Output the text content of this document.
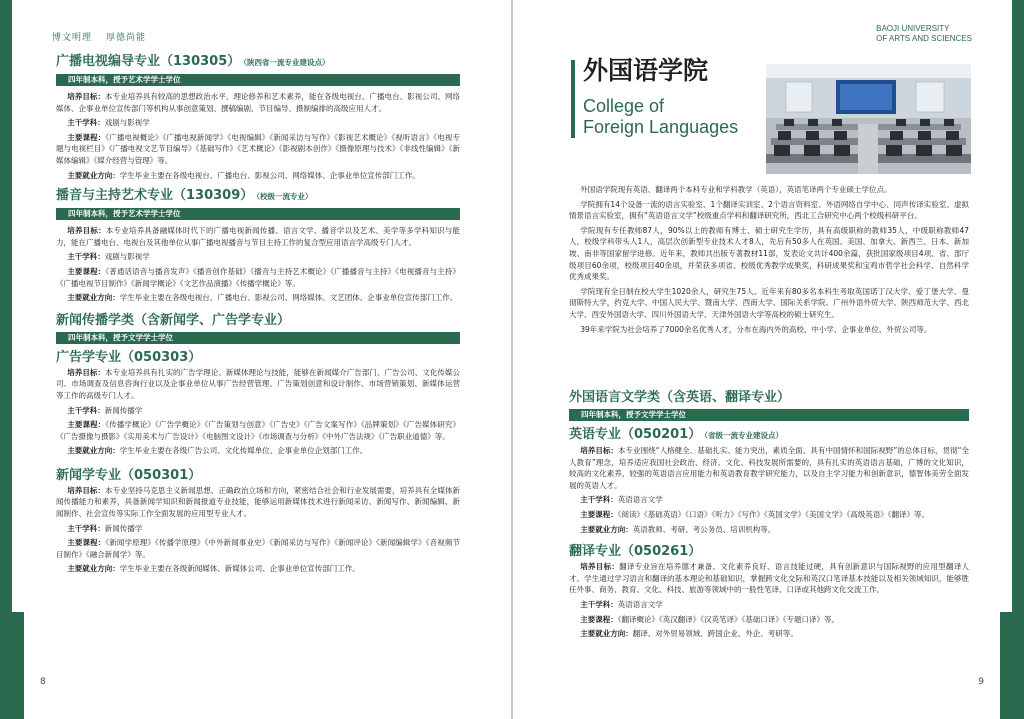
博文明理 厚德尚能
广播电视编导专业（130305） （陕西省一流专业建设点）
四年制本科，授予艺术学学士学位

培养目标：本专业培养具有较高的思想政治水平、理论修养和艺术素养，能在各级电视台、广播电台、影视公司、网络媒体、企事业单位宣传部门等机构从事创意策划、撰稿编剧、节目编导、摄制编排的高级应用人才。

主干学科：戏剧与影视学

主要课程：《广播电视概论》《广播电视新闻学》《电视编辑》《新闻采访与写作》《影视艺术概论》《视听语言》《电视专题与电视栏目》《广播电视文艺节目编导》《基础写作》《艺术概论》《影视剧本创作》《摄像原理与技术》《非线性编辑》《新媒体编辑》《媒介经营与管理》等。

主要就业方向：学生毕业主要在各级电视台、广播电台、影视公司、网络媒体、企事业单位宣传部门工作。

播音与主持艺术专业（130309） （校级一流专业）
四年制本科，授予艺术学学士学位

培养目标：本专业培养具备融媒体时代下的广播电视新闻传播、语言文学、播音学以及艺术、美学等多学科知识与能力，能在广播电台、电视台及其他单位从事广播电视播音与节目主持工作的复合型应用语言学高级专门人才。

主干学科：戏剧与影视学

主要课程：《普通话语音与播音发声》《播音创作基础》《播音与主持艺术概论》《广播播音与主持》《电视播音与主持》《广播电视节目制作》《新闻学概论》《文艺作品演播》《传播学概论》等。

主要就业方向：学生毕业主要在各级电视台、广播电台、影视公司、网络媒体、文艺团体、企事业单位宣传部门工作。

新闻传播学类（含新闻学、广告学专业）
四年制本科，授予文学学士学位
广告学专业（050303）

培养目标：本专业培养具有扎实的广告学理论、新媒体理论与技能，能够在新闻媒介广告部门、广告公司、文化传媒公司、市场调查及信息咨询行业以及企事业单位从事广告经营管理、广告策划创意和设计制作、市场营销策划、新媒体运营等工作的高级专门人才。

主干学科：新闻传播学

主要课程：《传播学概论》《广告学概论》《广告策划与创意》《广告史》《广告文案写作》《品牌策划》《广告媒体研究》《广告摄像与摄影》《实用美术与广告设计》《电脑图文设计》《市场调查与分析》《中外广告法规》《广告职业道德》等。

主要就业方向：学生毕业主要在各级广告公司、文化传媒单位、企事业单位企划部门工作。

新闻学专业（050301）

培养目标：本专业坚持马克思主义新闻思想、正确政治立场和方向，紧密结合社会和行业发展需要，培养具有全媒体新闻传播能力和素养，具备新闻学知识和新闻报道专业技能，能够运用新媒体技术进行新闻采访、新闻写作、新闻编辑、新闻制作、社会宣传等实际工作全面发展的应用型专业人才。

主干学科：新闻传播学

主要课程：《新闻学原理》《传播学原理》《中外新闻事业史》《新闻采访与写作》《新闻评论》《新闻编辑学》《音视频节目制作》《融合新闻学》等。

主要就业方向：学生毕业主要在各级新闻媒体、新媒体公司、企事业单位宣传部门工作。

8
BAOJI UNIVERSITY
OF ARTS AND SCIENCES
外国语学院
College of
Foreign Languages

外国语学院现有英语、翻译两个本科专业和学科教学（英语），英语笔译两个专业硕士学位点。

学院拥有14个设备一流的语言实验室、1个翻译实训室、2个语言资料室、外语网络自学中心、同声传译实验室、虚拟情景语言实验室，拥有“英语语言文学”校级重点学科和翻译研究所，西北工合研究中心两个校级科研平台。

学院现有专任教师87人，90%以上的教师有博士、硕士研究生学历，具有高级职称的教师35人，中级职称教师47人，校级学科带头人1人，高层次创新型专业技术人才8人，先后有50多人在英国、美国、加拿大、新西兰、日本、新加坡、南非等国家留学进修。近年来，教师共出版专著教材11部，发表论文共计400余篇，获批国家级项目4项、省、部厅级项目60余项，校级项目40余项，并荣获多项省、校级优秀教学成果奖，科研成果奖和宝鸡市哲学社会科学、自然科学优秀成果奖。

学院现有全日制在校大学生1020余人，研究生75人。近年来有80多名本科生考取英国诺丁汉大学、爱丁堡大学、曼彻斯特大学，约克大学、中国人民大学、暨南大学、西南大学、国际关系学院、广州外语外贸大学、陕西师范大学、西北大学、西安外国语大学、四川外国语大学、天津外国语大学等高校的硕士研究生。

39年来学院为社会培养了7000余名优秀人才，分布在海内外的高校、中小学、企事业单位、外贸公司等。

外国语言文学类（含英语、翻译专业）
四年制本科，授予文学学士学位
英语专业（050201） （省级一流专业建设点）

培养目标：本专业围绕“人格健全、基础扎实、能力突出，素质全面、具有中国情怀和国际视野”的总体目标，贯彻“全人教育”理念，培养适应我国社会政治、经济、文化、科技发展所需要的，具有扎实的英语语言基础，广博的文化知识，较高的文化素养，较强的英语语言应用能力和英语教育教学研究能力，以及自主学习能力和创新意识，德智体美劳全面发展的英语人才。

主干学科：英语语言文学

主要课程：《阅读》《基础英语》《口语》《听力》《写作》《英国文学》《美国文学》《高级英语》《翻译》等。

主要就业方向：英语教师、考研、考公务员、培训机构等。

翻译专业（050261）

培养目标：翻译专业旨在培养德才兼备、文化素养良好、语言技能过硬，具有创新意识与国际视野的应用型翻译人才。学生通过学习语言和翻译的基本理论和基础知识，掌握跨文化交际和英汉口笔译基本技能以及相关领域知识，能够胜任外事、商务、教育、文化、科技、旅游等领域中的一般性笔译、口译或其他跨文化交流工作。

主干学科：英语语言文学

主要课程：《翻译概论》《英汉翻译》《汉英笔译》《基础口译》《专题口译》等。

主要就业方向：翻译、对外贸易领域、跨国企业、外企、考研等。

9
